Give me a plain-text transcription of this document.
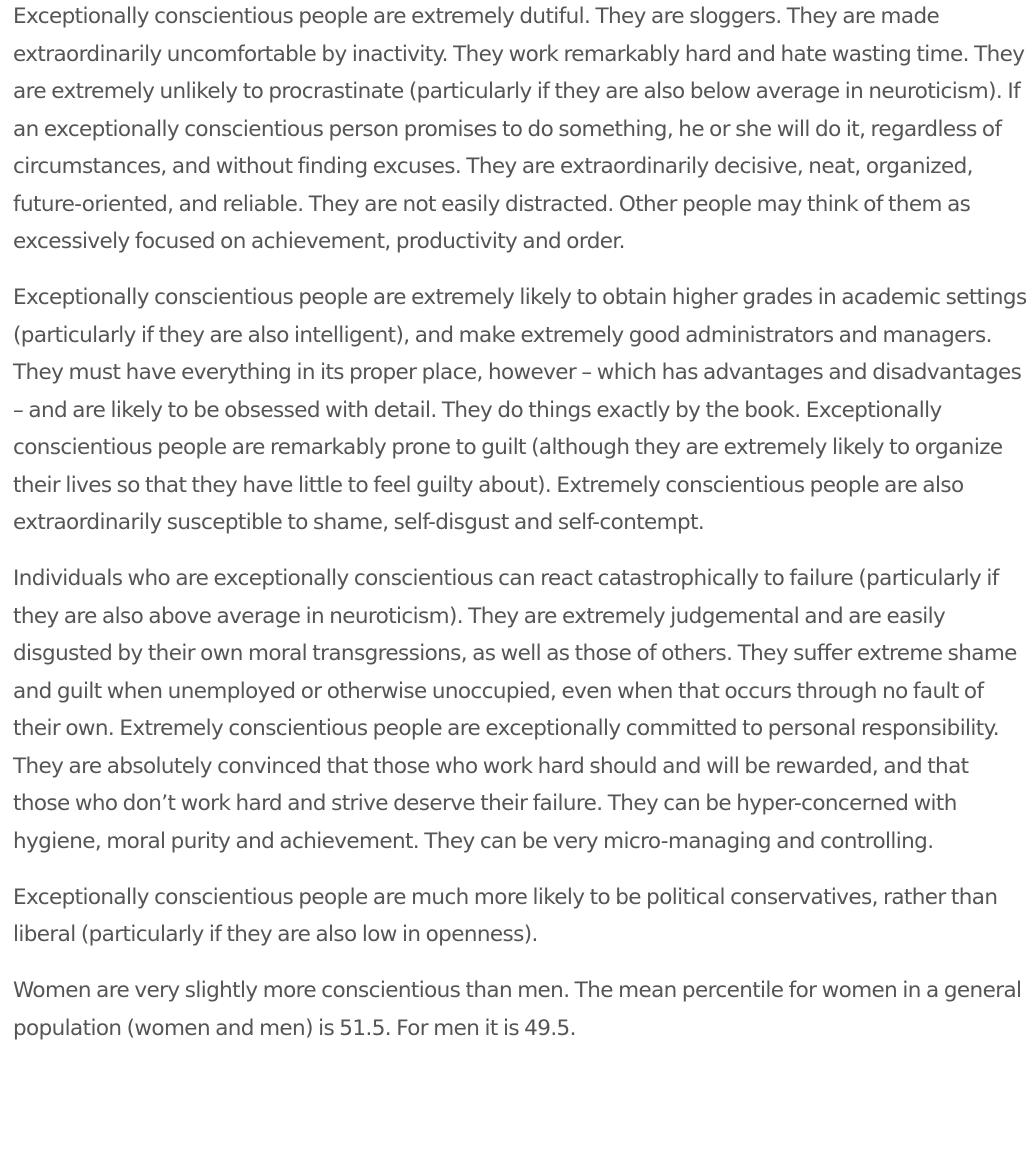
Exceptionally conscientious people are extremely dutiful. They are sloggers. They are made extraordinarily uncomfortable by inactivity. They work remarkably hard and hate wasting time. They are extremely unlikely to procrastinate (particularly if they are also below average in neuroticism). If an exceptionally conscientious person promises to do something, he or she will do it, regardless of circumstances, and without finding excuses. They are extraordinarily decisive, neat, organized, future-oriented, and reliable. They are not easily distracted. Other people may think of them as excessively focused on achievement, productivity and order.

Exceptionally conscientious people are extremely likely to obtain higher grades in academic settings (particularly if they are also intelligent), and make extremely good administrators and managers. They must have everything in its proper place, however – which has advantages and disadvantages – and are likely to be obsessed with detail. They do things exactly by the book. Exceptionally conscientious people are remarkably prone to guilt (although they are extremely likely to organize their lives so that they have little to feel guilty about). Extremely conscientious people are also extraordinarily susceptible to shame, self-disgust and self-contempt.

Individuals who are exceptionally conscientious can react catastrophically to failure (particularly if they are also above average in neuroticism). They are extremely judgemental and are easily disgusted by their own moral transgressions, as well as those of others. They suffer extreme shame and guilt when unemployed or otherwise unoccupied, even when that occurs through no fault of their own. Extremely conscientious people are exceptionally committed to personal responsibility. They are absolutely convinced that those who work hard should and will be rewarded, and that those who don’t work hard and strive deserve their failure. They can be hyper-concerned with hygiene, moral purity and achievement. They can be very micro-managing and controlling.

Exceptionally conscientious people are much more likely to be political conservatives, rather than liberal (particularly if they are also low in openness).

Women are very slightly more conscientious than men. The mean percentile for women in a general population (women and men) is 51.5. For men it is 49.5.
